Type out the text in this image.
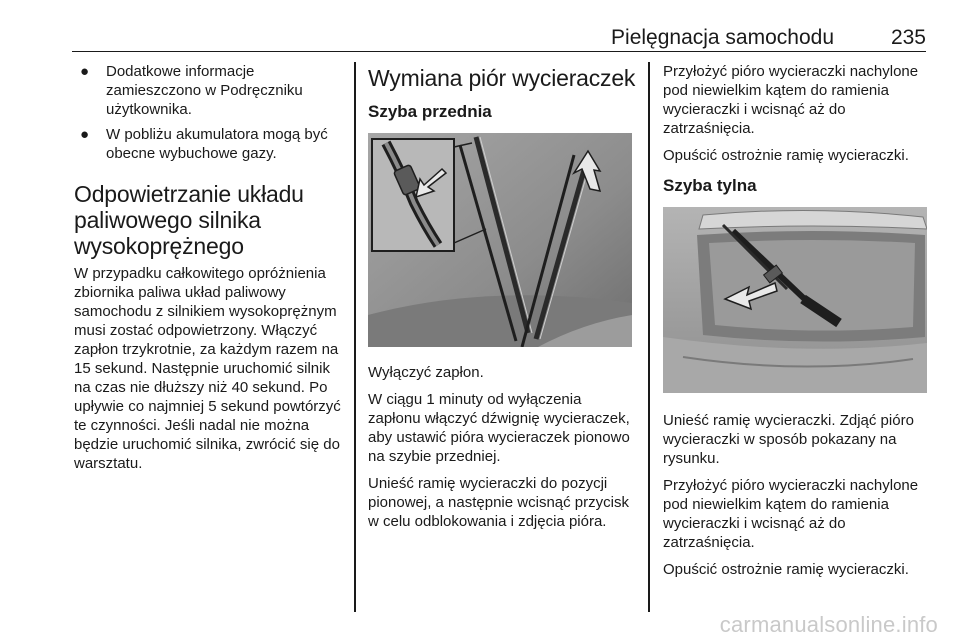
Pielęgnacja samochodu	235
● Dodatkowe informacje zamieszczono w Podręczniku użytkownika.
● W pobliżu akumulatora mogą być obecne wybuchowe gazy.
Odpowietrzanie układu paliwowego silnika wysokoprężnego

W przypadku całkowitego opróżnienia zbiornika paliwa układ paliwowy samochodu z silnikiem wysokoprężnym musi zostać odpowietrzony. Włączyć zapłon trzykrotnie, za każdym razem na 15 sekund. Następnie uruchomić silnik na czas nie dłuższy niż 40 sekund. Po upływie co najmniej 5 sekund powtórzyć te czynności. Jeśli nadal nie można będzie uruchomić silnika, zwrócić się do warsztatu.

Wymiana piór wycieraczek
Szyba przednia

Wyłączyć zapłon.

W ciągu 1 minuty od wyłączenia zapłonu włączyć dźwignię wycieraczek, aby ustawić pióra wycieraczek pionowo na szybie przedniej.

Unieść ramię wycieraczki do pozycji pionowej, a następnie wcisnąć przycisk w celu odblokowania i zdjęcia pióra.

Przyłożyć pióro wycieraczki nachylone pod niewielkim kątem do ramienia wycieraczki i wcisnąć aż do zatrzaśnięcia.

Opuścić ostrożnie ramię wycieraczki.

Szyba tylna

Unieść ramię wycieraczki. Zdjąć pióro wycieraczki w sposób pokazany na rysunku.

Przyłożyć pióro wycieraczki nachylone pod niewielkim kątem do ramienia wycieraczki i wcisnąć aż do zatrzaśnięcia.

Opuścić ostrożnie ramię wycieraczki.

carmanualsonline.info
